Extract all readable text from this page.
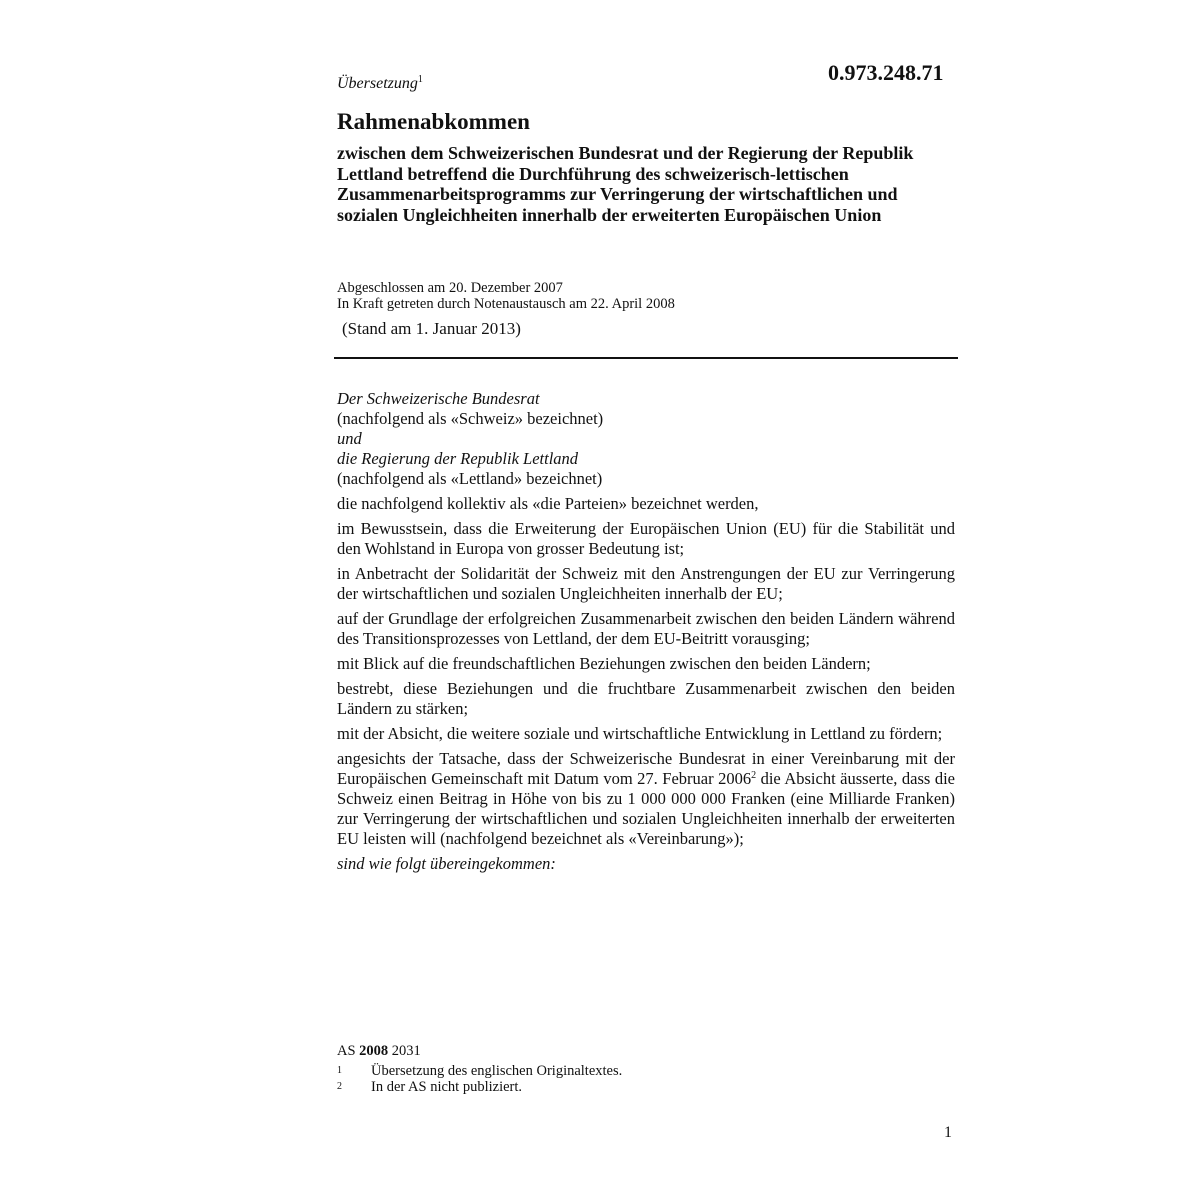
Übersetzung$^1$	0.973.248.71
Rahmenabkommen
zwischen dem Schweizerischen Bundesrat und der Regierung der Republik Lettland betreffend die Durchführung des schweizerisch-lettischen Zusammenarbeitsprogramms zur Verringerung der wirtschaftlichen und sozialen Ungleichheiten innerhalb der erweiterten Europäischen Union
Abgeschlossen am 20. Dezember 2007
In Kraft getreten durch Notenaustausch am 22. April 2008
(Stand am 1. Januar 2013)

Der Schweizerische Bundesrat
(nachfolgend als «Schweiz» bezeichnet)
und
die Regierung der Republik Lettland
(nachfolgend als «Lettland» bezeichnet)

die nachfolgend kollektiv als «die Parteien» bezeichnet werden,

im Bewusstsein, dass die Erweiterung der Europäischen Union (EU) für die Stabilität und den Wohlstand in Europa von grosser Bedeutung ist;

in Anbetracht der Solidarität der Schweiz mit den Anstrengungen der EU zur Verringerung der wirtschaftlichen und sozialen Ungleichheiten innerhalb der EU;

auf der Grundlage der erfolgreichen Zusammenarbeit zwischen den beiden Ländern während des Transitionsprozesses von Lettland, der dem EU-Beitritt vorausging;

mit Blick auf die freundschaftlichen Beziehungen zwischen den beiden Ländern;

bestrebt, diese Beziehungen und die fruchtbare Zusammenarbeit zwischen den beiden Ländern zu stärken;

mit der Absicht, die weitere soziale und wirtschaftliche Entwicklung in Lettland zu fördern;

angesichts der Tatsache, dass der Schweizerische Bundesrat in einer Vereinbarung mit der Europäischen Gemeinschaft mit Datum vom 27. Februar 2006$^2$ die Absicht äusserte, dass die Schweiz einen Beitrag in Höhe von bis zu 1 000 000 000 Franken (eine Milliarde Franken) zur Verringerung der wirtschaftlichen und sozialen Ungleichheiten innerhalb der erweiterten EU leisten will (nachfolgend bezeichnet als «Vereinbarung»);

sind wie folgt übereingekommen:

AS 2008 2031
1	Übersetzung des englischen Originaltextes.
2	In der AS nicht publiziert.
1
